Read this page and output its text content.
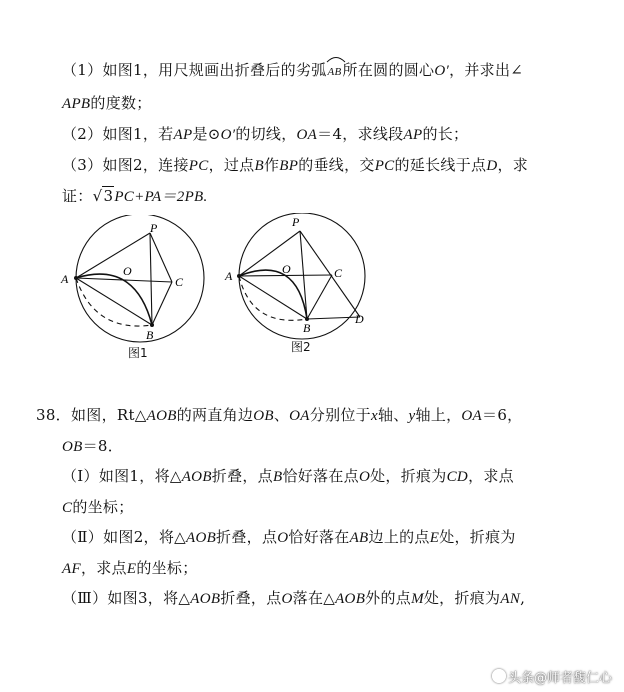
（1）如图1，用尺规画出折叠后的劣弧
AB所在圆的圆心O′，并求出∠
APB的度数；
（2）如图1，若AP是⊙O′的切线，OA＝4，求线段AP的长；
（3）如图2，连接PC，过点B作BP的垂线，交PC的延长线于点D，求
证：√3PC+PA＝2PB.
A
O
P
C
B
图1
A	O
P
C
B
D
图2
38．如图，Rt△AOB的两直角边OB、OA分别位于x轴、y轴上，OA＝6，
OB＝8．
（Ⅰ）如图1，将△AOB折叠，点B恰好落在点O处，折痕为CD，求点
C的坐标；
（Ⅱ）如图2，将△AOB折叠，点O恰好落在AB边上的点E处，折痕为
AF，求点E的坐标；
（Ⅲ）如图3，将△AOB折叠，点O落在△AOB外的点M处，折痕为AN,
头条@师者馥仁心
